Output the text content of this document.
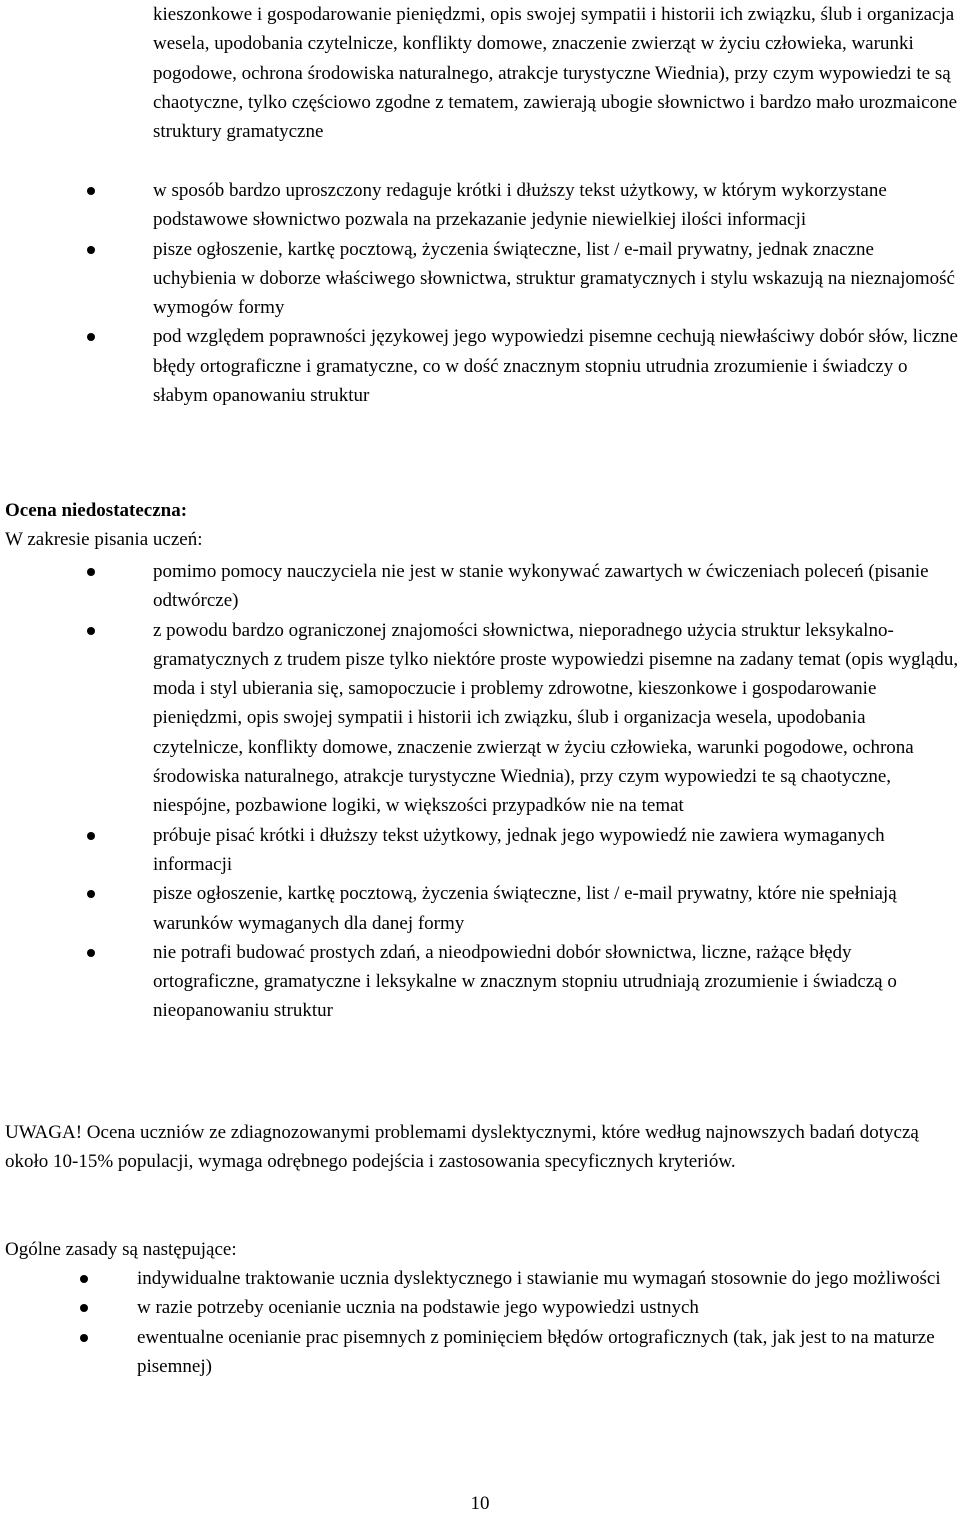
kieszonkowe i gospodarowanie pieniędzmi, opis swojej sympatii i historii ich związku, ślub i organizacja wesela, upodobania czytelnicze, konflikty domowe, znaczenie zwierząt w życiu człowieka, warunki pogodowe, ochrona środowiska naturalnego, atrakcje turystyczne Wiednia), przy czym wypowiedzi te są chaotyczne, tylko częściowo zgodne z tematem, zawierają ubogie słownictwo i bardzo mało urozmaicone struktury gramatyczne
w sposób bardzo uproszczony redaguje krótki i dłuższy tekst użytkowy, w którym wykorzystane podstawowe słownictwo pozwala na przekazanie jedynie niewielkiej ilości informacji
pisze ogłoszenie, kartkę pocztową, życzenia świąteczne, list / e-mail prywatny, jednak znaczne uchybienia w doborze właściwego słownictwa, struktur gramatycznych i stylu wskazują na nieznajomość wymogów formy
pod względem poprawności językowej jego wypowiedzi pisemne cechują niewłaściwy dobór słów, liczne błędy ortograficzne i gramatyczne, co w dość znacznym stopniu utrudnia zrozumienie i świadczy o słabym opanowaniu struktur
Ocena niedostateczna:
W zakresie pisania uczeń:
pomimo pomocy nauczyciela nie jest w stanie wykonywać zawartych w ćwiczeniach poleceń (pisanie odtwórcze)
z powodu bardzo ograniczonej znajomości słownictwa, nieporadnego użycia struktur leksykalno-gramatycznych z trudem pisze tylko niektóre proste wypowiedzi pisemne na zadany temat (opis wyglądu, moda i styl ubierania się, samopoczucie i problemy zdrowotne, kieszonkowe i gospodarowanie pieniędzmi, opis swojej sympatii i historii ich związku, ślub i organizacja wesela, upodobania czytelnicze, konflikty domowe, znaczenie zwierząt w życiu człowieka, warunki pogodowe, ochrona środowiska naturalnego, atrakcje turystyczne Wiednia), przy czym wypowiedzi te są chaotyczne, niespójne, pozbawione logiki, w większości przypadków nie na temat
próbuje pisać krótki i dłuższy tekst użytkowy, jednak jego wypowiedź nie zawiera wymaganych informacji
pisze ogłoszenie, kartkę pocztową, życzenia świąteczne, list / e-mail prywatny, które nie spełniają warunków wymaganych dla danej formy
nie potrafi budować prostych zdań, a nieodpowiedni dobór słownictwa, liczne, rażące błędy ortograficzne, gramatyczne i leksykalne w znacznym stopniu utrudniają zrozumienie i świadczą o nieopanowaniu struktur
UWAGA! Ocena uczniów ze zdiagnozowanymi problemami dyslektycznymi, które według najnowszych badań dotyczą około 10-15% populacji, wymaga odrębnego podejścia i zastosowania specyficznych kryteriów.
Ogólne zasady są następujące:
indywidualne traktowanie ucznia dyslektycznego i stawianie mu wymagań stosownie do jego możliwości
w razie potrzeby ocenianie ucznia na podstawie jego wypowiedzi ustnych
ewentualne ocenianie prac pisemnych z pominięciem błędów ortograficznych (tak, jak jest to na maturze pisemnej)
10
